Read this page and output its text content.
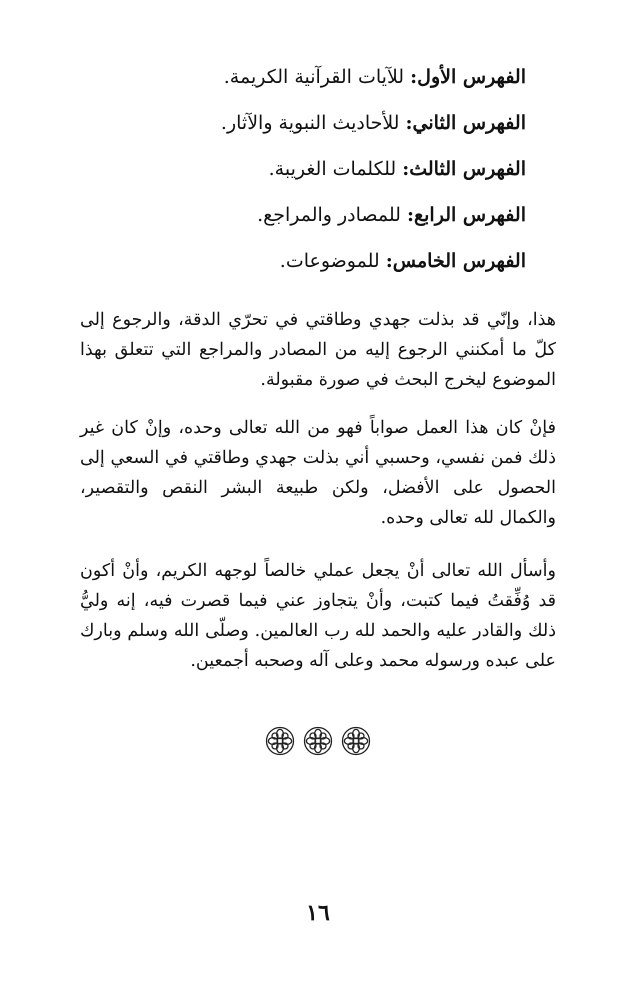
الفهرس الأول: للآيات القرآنية الكريمة.
الفهرس الثاني: للأحاديث النبوية والآثار.
الفهرس الثالث: للكلمات الغريبة.
الفهرس الرابع: للمصادر والمراجع.
الفهرس الخامس: للموضوعات.

هذا، وإنّي قد بذلت جهدي وطاقتي في تحرّي الدقة، والرجوع إلى كلّ ما أمكنني الرجوع إليه من المصادر والمراجع التي تتعلق بهذا الموضوع ليخرج البحث في صورة مقبولة.

فإنْ كان هذا العمل صواباً فهو من الله تعالى وحده، وإنْ كان غير ذلك فمن نفسي، وحسبي أني بذلت جهدي وطاقتي في السعي إلى الحصول على الأفضل، ولكن طبيعة البشر النقص والتقصير، والكمال لله تعالى وحده.

وأسأل الله تعالى أنْ يجعل عملي خالصاً لوجهه الكريم، وأنْ أكون قد وُفِّقتُ فيما كتبت، وأنْ يتجاوز عني فيما قصرت فيه، إنه وليُّ ذلك والقادر عليه والحمد لله رب العالمين. وصلّى الله وسلم وبارك على عبده ورسوله محمد وعلى آله وصحبه أجمعين.

١٦
